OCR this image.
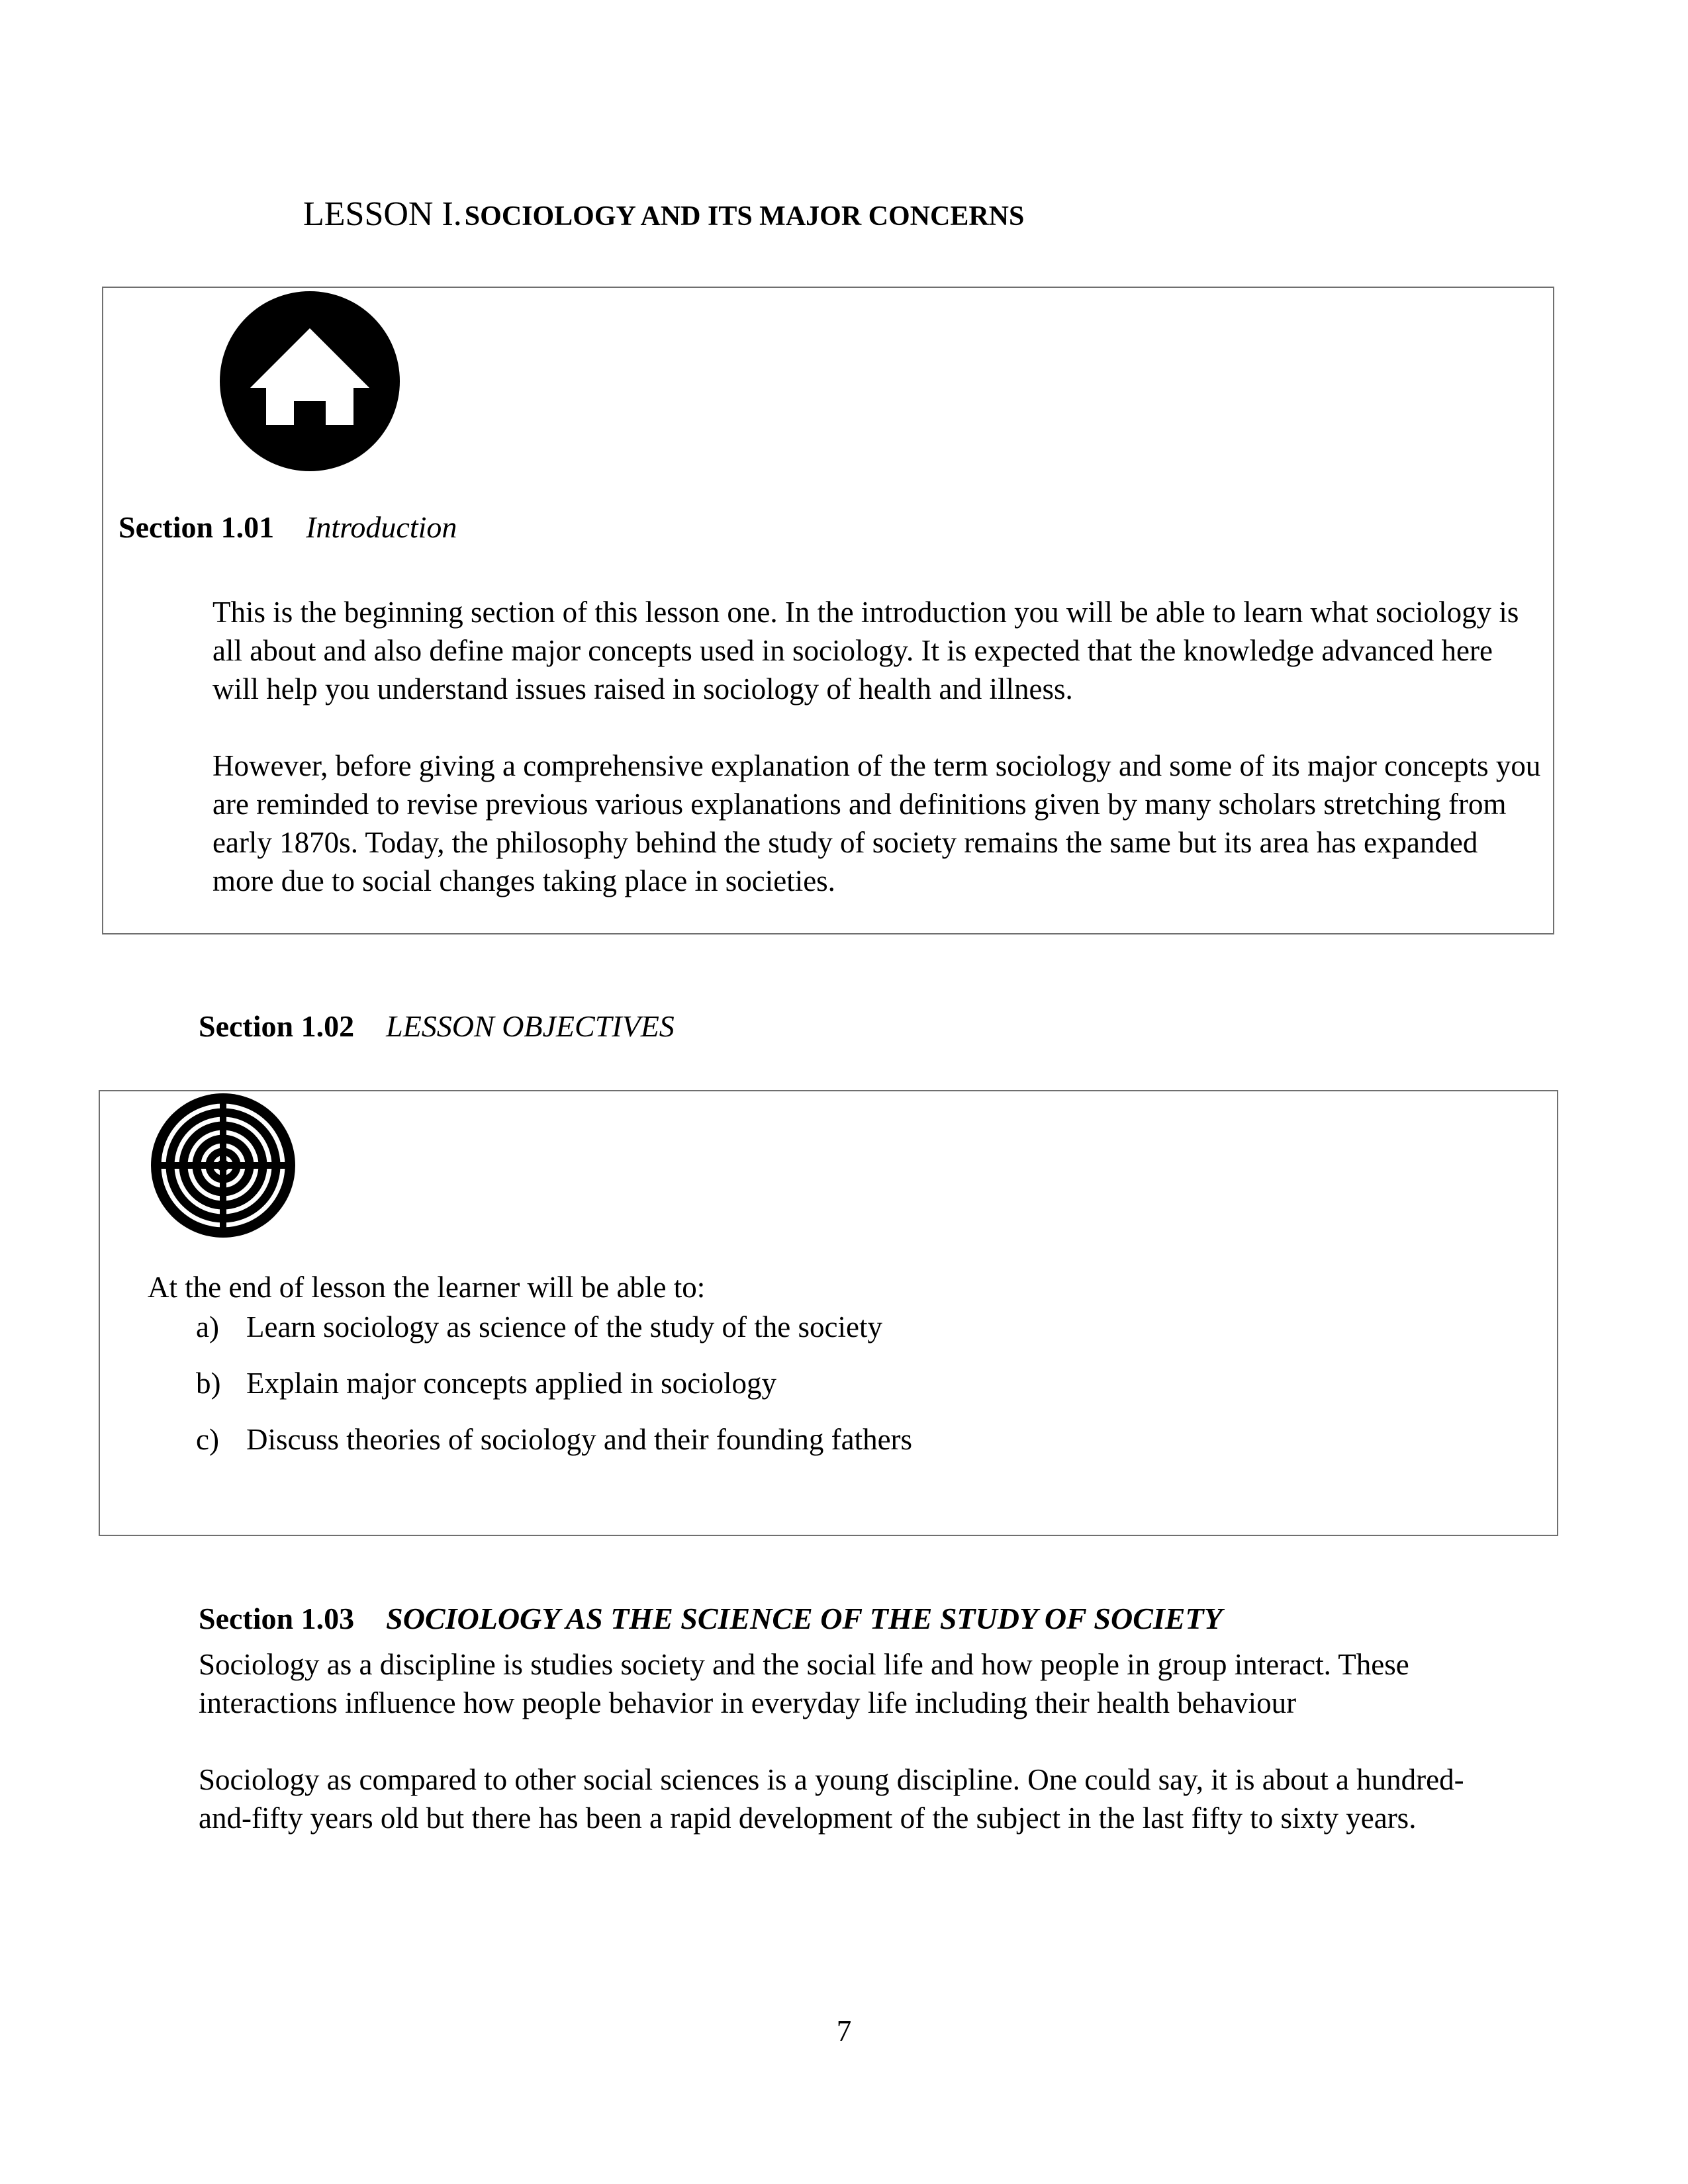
LESSON I. SOCIOLOGY AND ITS MAJOR CONCERNS
Section 1.01 Introduction

This is the beginning section of this lesson one. In the introduction you will be able to learn what sociology is all about and also define major concepts used in sociology. It is expected that the knowledge advanced here will help you understand issues raised in sociology of health and illness.

However, before giving a comprehensive explanation of the term sociology and some of its major concepts you are reminded to revise previous various explanations and definitions given by many scholars stretching from early 1870s. Today, the philosophy behind the study of society remains the same but its area has expanded more due to social changes taking place in societies.

Section 1.02 LESSON OBJECTIVES
At the end of lesson the learner will be able to:
a) Learn sociology as science of the study of the society
b) Explain major concepts applied in sociology
c) Discuss theories of sociology and their founding fathers
Section 1.03 SOCIOLOGY AS THE SCIENCE OF THE STUDY OF SOCIETY

Sociology as a discipline is studies society and the social life and how people in group interact. These interactions influence how people behavior in everyday life including their health behaviour

Sociology as compared to other social sciences is a young discipline. One could say, it is about a hundred-and-fifty years old but there has been a rapid development of the subject in the last fifty to sixty years.

7
